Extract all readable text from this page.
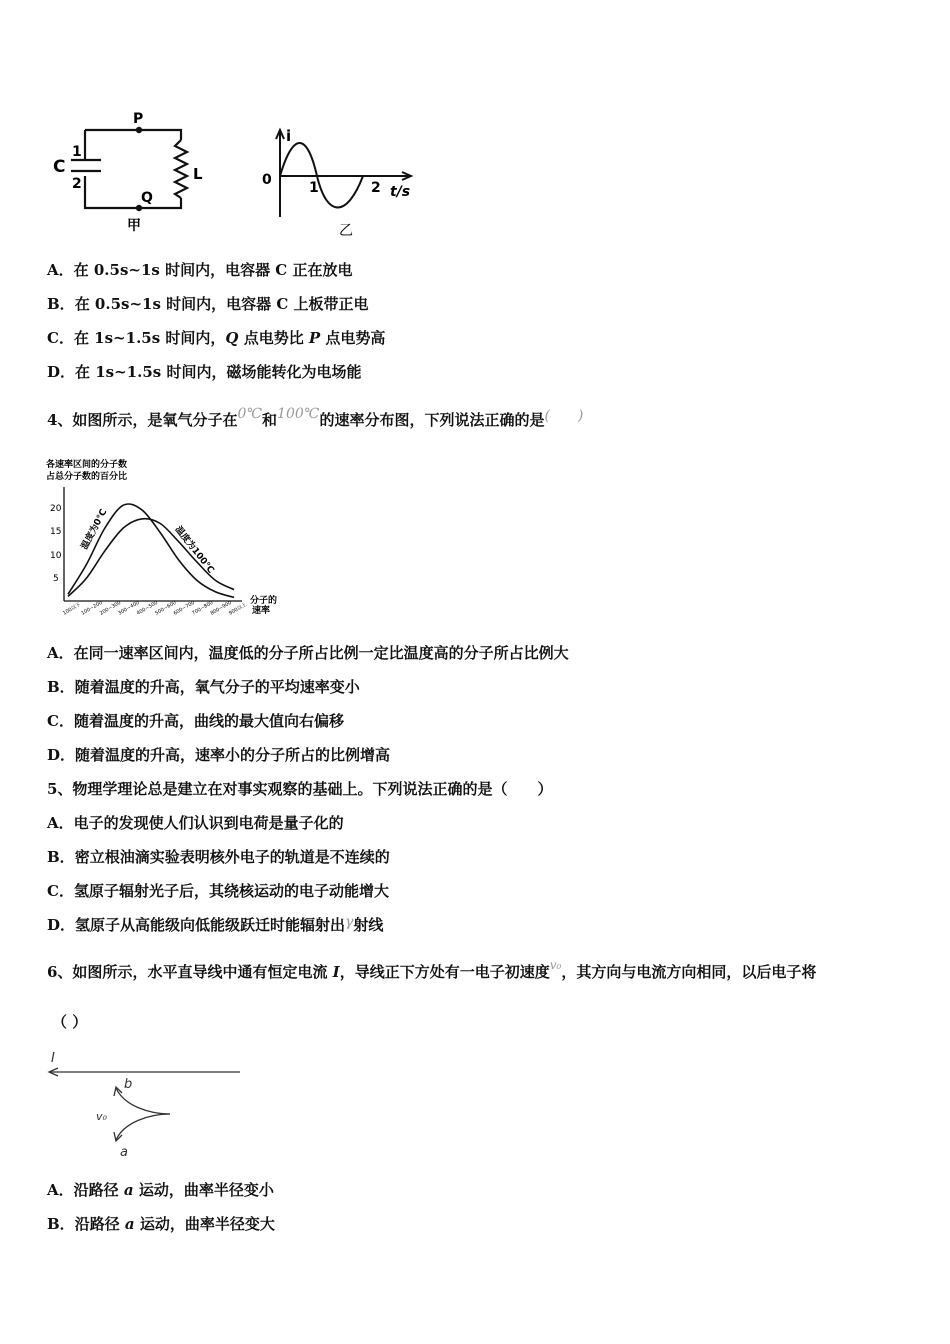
C
1
2
P
Q
L
甲
i
0	1	2 t/s
乙
A．在 0.5s~1s 时间内，电容器 C 正在放电
B．在 0.5s~1s 时间内，电容器 C 上板带正电
C．在 1s~1.5s 时间内，Q 点电势比 P 点电势高
D．在 1s~1.5s 时间内，磁场能转化为电场能
4、如图所示，是氧气分子在0℃和100℃的速率分布图，下列说法正确的是(　　)
各速率区间的分子数
占总分子数的百分比
20
15
10
5
温度为0℃	温度为100℃
分子的
速率
100以下
100~200
200~300
300~400
400~500
500~600
600~700
700~800
800~900
900以上
A．在同一速率区间内，温度低的分子所占比例一定比温度高的分子所占比例大
B．随着温度的升高，氧气分子的平均速率变小
C．随着温度的升高，曲线的最大值向右偏移
D．随着温度的升高，速率小的分子所占的比例增高
5、物理学理论总是建立在对事实观察的基础上。下列说法正确的是（　　）
A．电子的发现使人们认识到电荷是量子化的
B．密立根油滴实验表明核外电子的轨道是不连续的
C．氢原子辐射光子后，其绕核运动的电子动能增大
D．氢原子从高能级向低能级跃迁时能辐射出γ射线
6、如图所示，水平直导线中通有恒定电流 I，导线正下方处有一电子初速度$^{v_0}$，其方向与电流方向相同，以后电子将
（ ）
I
b
v₀
a
A．沿路径 a 运动，曲率半径变小
B．沿路径 a 运动，曲率半径变大
